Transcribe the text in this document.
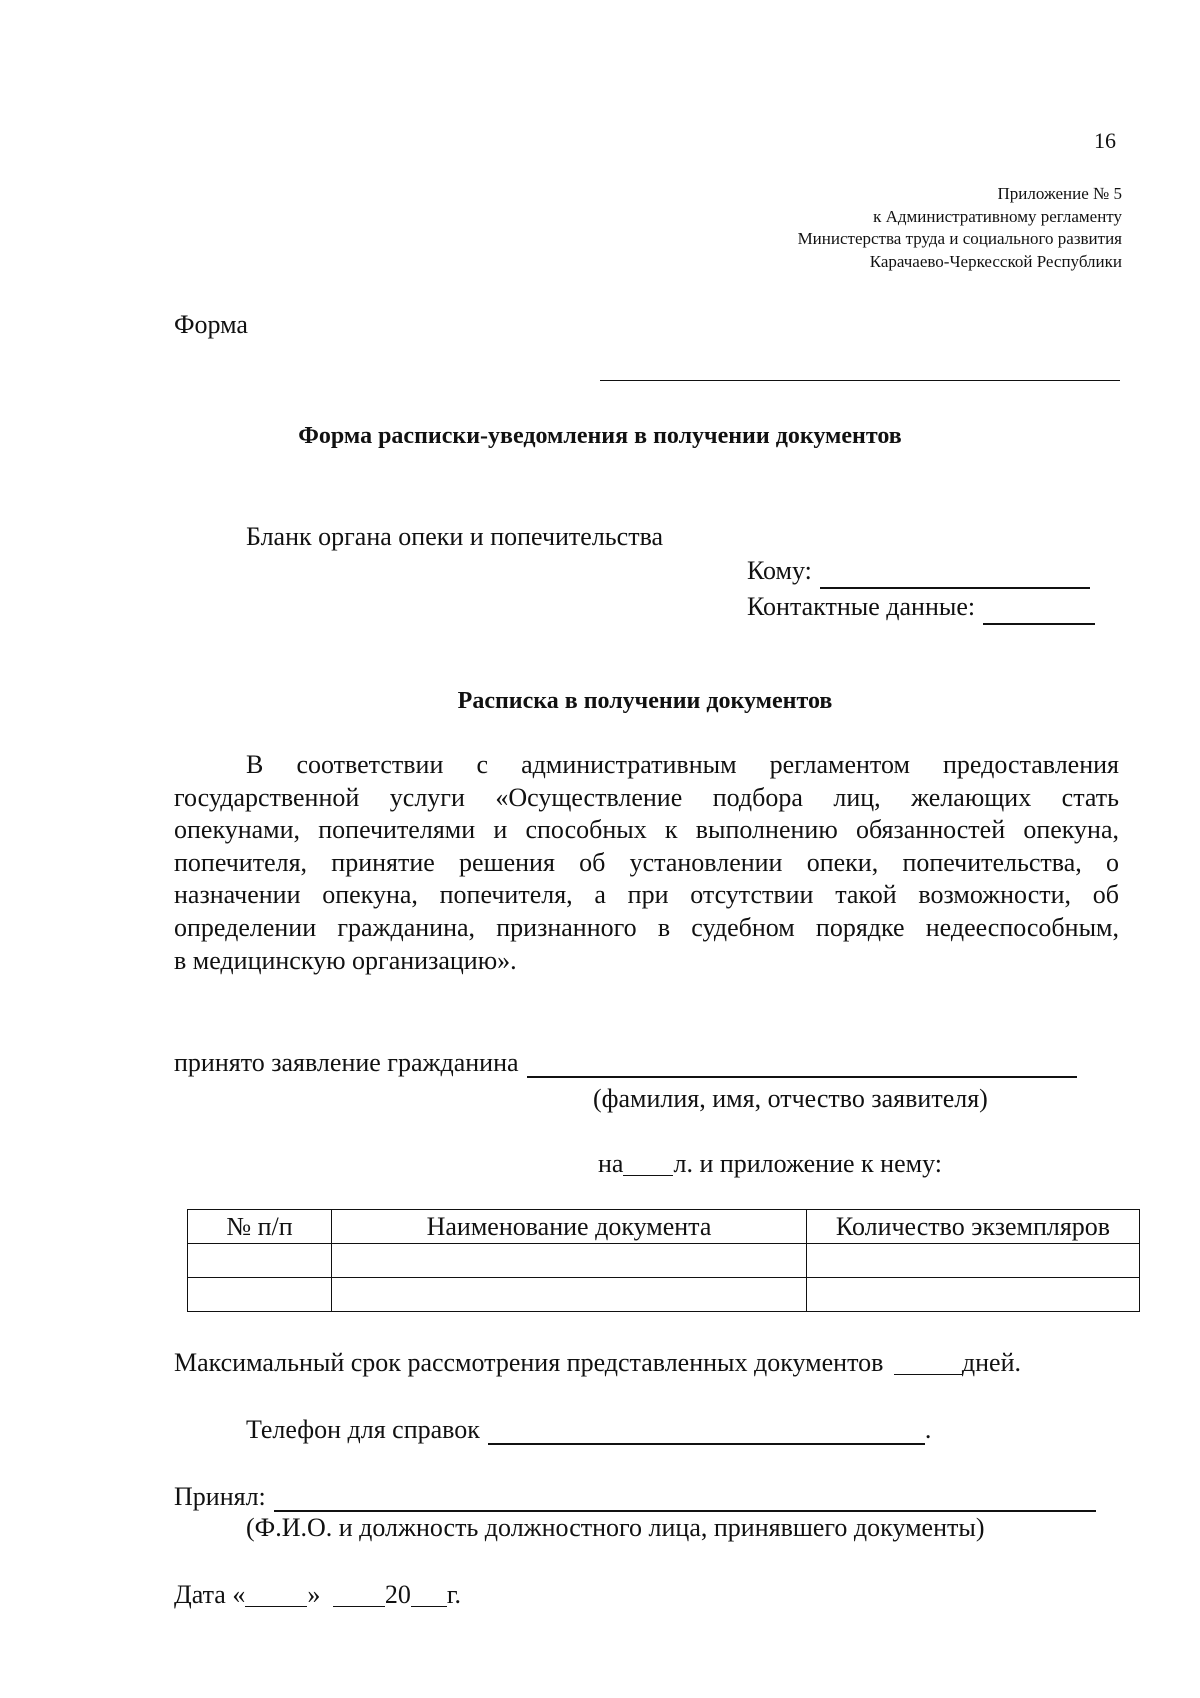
16
Приложение № 5
к Административному регламенту
Министерства труда и социального развития
Карачаево-Черкесской Республики
Форма
Форма расписки-уведомления в получении документов
Бланк органа опеки и попечительства
Кому:
Контактные данные:
Расписка в получении документов
В соответствии с административным регламентом предоставления
государственной услуги «Осуществление подбора лиц, желающих стать
опекунами, попечителями и способных к выполнению обязанностей опекуна,
попечителя, принятие решения об установлении опеки, попечительства, о
назначении опекуна, попечителя, а при отсутствии такой возможности, об
определении гражданина, признанного в судебном порядке недееспособным,
в медицинскую организацию».
принято заявление гражданина
(фамилия, имя, отчество заявителя)
на л. и приложение к нему:
№ п/п	Наименование документа	Количество экземпляров

Максимальный срок рассмотрения представленных документов	дней.
Телефон для справок	.
Принял:
(Ф.И.О. и должность должностного лица, принявшего документы)
Дата « » 20 г.
